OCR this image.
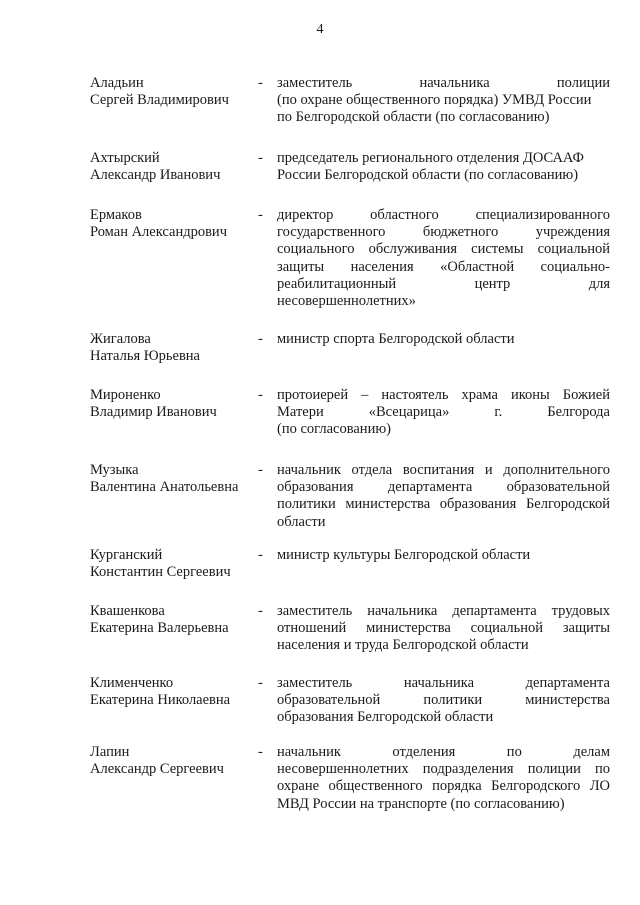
4
Аладьин
Сергей Владимирович
- заместитель начальника полиции
(по охране общественного порядка) УМВД России
по Белгородской области (по согласованию)
Ахтырский
Александр Иванович
- председатель регионального отделения ДОСААФ
России Белгородской области (по согласованию)
Ермаков
Роман Александрович
- директор областного специализированного
государственного бюджетного учреждения
социального обслуживания системы социальной
защиты населения «Областной социально-
реабилитационный центр для
несовершеннолетних»
Жигалова
Наталья Юрьевна
- министр спорта Белгородской области
Мироненко
Владимир Иванович
- протоиерей – настоятель храма иконы Божией
Матери «Всецарица» г. Белгорода
(по согласованию)
Музыка
Валентина Анатольевна
- начальник отдела воспитания и дополнительного
образования департамента образовательной
политики министерства образования Белгородской
области
Курганский
Константин Сергеевич
- министр культуры Белгородской области
Квашенкова
Екатерина Валерьевна
- заместитель начальника департамента трудовых
отношений министерства социальной защиты
населения и труда Белгородской области
Клименченко
Екатерина Николаевна
- заместитель начальника департамента
образовательной политики министерства
образования Белгородской области
Лапин
Александр Сергеевич
- начальник отделения по делам
несовершеннолетних подразделения полиции по
охране общественного порядка Белгородского ЛО
МВД России на транспорте (по согласованию)
